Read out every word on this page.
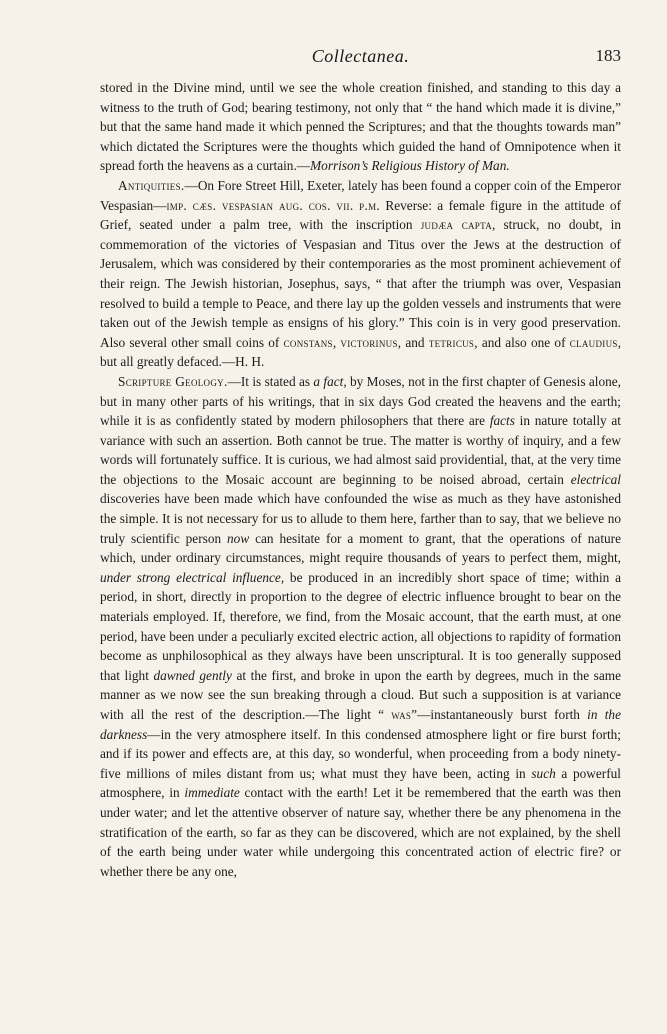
Collectanea.	183

stored in the Divine mind, until we see the whole creation finished, and standing to this day a witness to the truth of God; bearing testimony, not only that “ the hand which made it is divine,” but that the same hand made it which penned the Scriptures; and that the thoughts towards man” which dictated the Scriptures were the thoughts which guided the hand of Omnipotence when it spread forth the heavens as a curtain.—Morrison’s Religious History of Man.

Antiquities.—On Fore Street Hill, Exeter, lately has been found a copper coin of the Emperor Vespasian—imp. cæs. vespasian aug. cos. vii. p.m. Reverse: a female figure in the attitude of Grief, seated under a palm tree, with the inscription judæa capta, struck, no doubt, in commemoration of the victories of Vespasian and Titus over the Jews at the destruction of Jerusalem, which was considered by their contemporaries as the most prominent achievement of their reign. The Jewish historian, Josephus, says, “ that after the triumph was over, Vespasian resolved to build a temple to Peace, and there lay up the golden vessels and instruments that were taken out of the Jewish temple as ensigns of his glory.” This coin is in very good preservation. Also several other small coins of constans, victorinus, and tetricus, and also one of claudius, but all greatly defaced.—H. H.

Scripture Geology.—It is stated as a fact, by Moses, not in the first chapter of Genesis alone, but in many other parts of his writings, that in six days God created the heavens and the earth; while it is as confidently stated by modern philosophers that there are facts in nature totally at variance with such an assertion. Both cannot be true. The matter is worthy of inquiry, and a few words will fortunately suffice. It is curious, we had almost said providential, that, at the very time the objections to the Mosaic account are beginning to be noised abroad, certain electrical discoveries have been made which have confounded the wise as much as they have astonished the simple. It is not necessary for us to allude to them here, farther than to say, that we believe no truly scientific person now can hesitate for a moment to grant, that the operations of nature which, under ordinary circumstances, might require thousands of years to perfect them, might, under strong electrical influence, be produced in an incredibly short space of time; within a period, in short, directly in proportion to the degree of electric influence brought to bear on the materials employed. If, therefore, we find, from the Mosaic account, that the earth must, at one period, have been under a peculiarly excited electric action, all objections to rapidity of formation become as unphilosophical as they always have been unscriptural. It is too generally supposed that light dawned gently at the first, and broke in upon the earth by degrees, much in the same manner as we now see the sun breaking through a cloud. But such a supposition is at variance with all the rest of the description.—The light “ was”—instantaneously burst forth in the darkness—in the very atmosphere itself. In this condensed atmosphere light or fire burst forth; and if its power and effects are, at this day, so wonderful, when proceeding from a body ninety-five millions of miles distant from us; what must they have been, acting in such a powerful atmosphere, in immediate contact with the earth! Let it be remembered that the earth was then under water; and let the attentive observer of nature say, whether there be any phenomena in the stratification of the earth, so far as they can be discovered, which are not explained, by the shell of the earth being under water while undergoing this concentrated action of electric fire? or whether there be any one,
